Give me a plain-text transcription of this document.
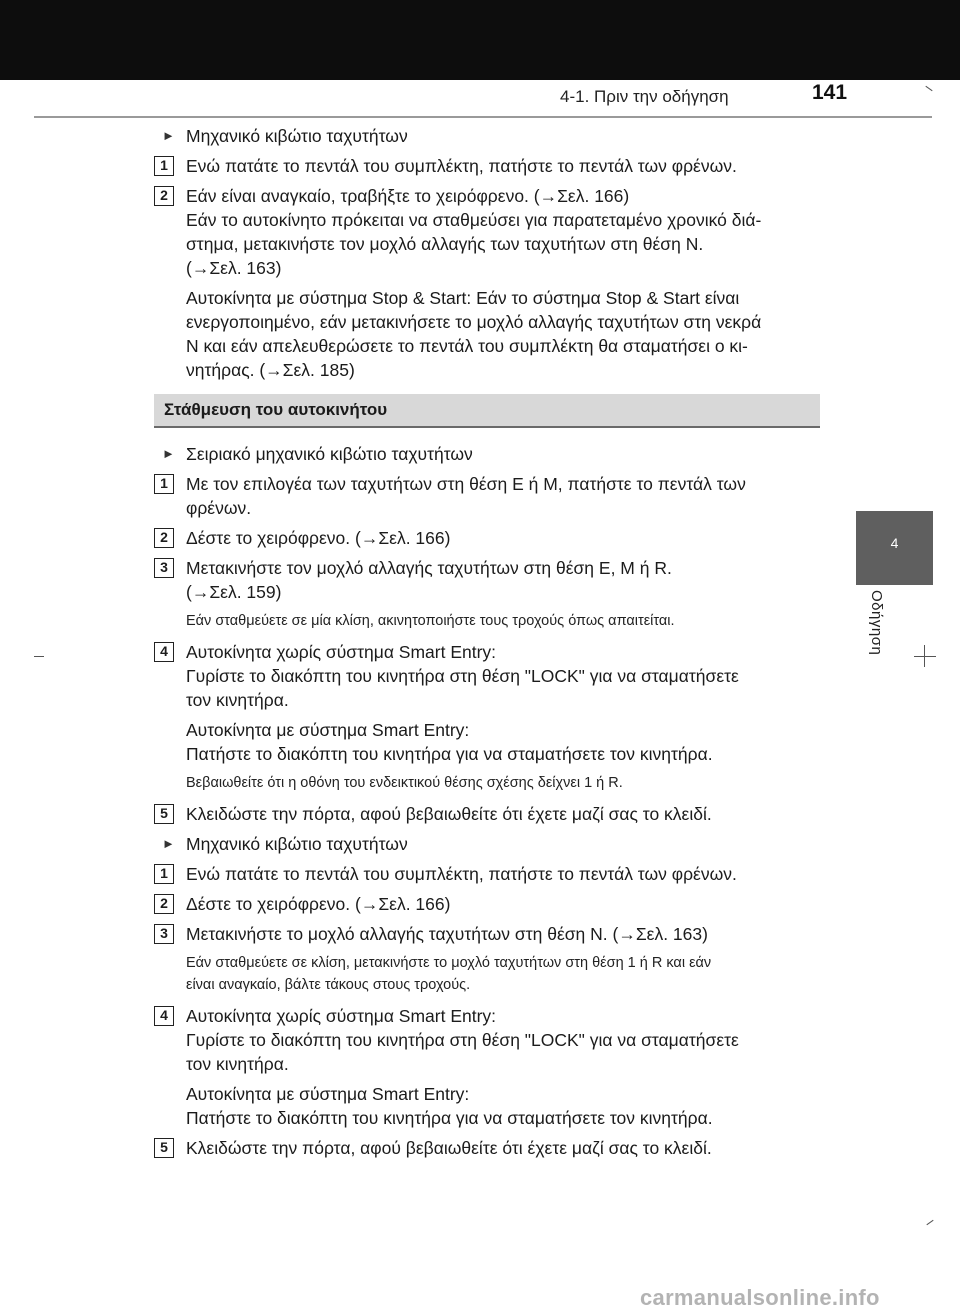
4-1. Πριν την οδήγηση	141
4
Οδήγηση
► Μηχανικό κιβώτιο ταχυτήτων
1	Ενώ πατάτε το πεντάλ του συμπλέκτη, πατήστε το πεντάλ των φρένων.
2	Εάν είναι αναγκαίο, τραβήξτε το χειρόφρενο. (→Σελ. 166)
Εάν το αυτοκίνητο πρόκειται να σταθμεύσει για παρατεταμένο χρονικό διά-
στημα, μετακινήστε τον μοχλό αλλαγής των ταχυτήτων στη θέση N.
(→Σελ. 163)
Αυτοκίνητα με σύστημα Stop & Start: Εάν το σύστημα Stop & Start είναι
ενεργοποιημένο, εάν μετακινήσετε το μοχλό αλλαγής ταχυτήτων στη νεκρά
N και εάν απελευθερώσετε το πεντάλ του συμπλέκτη θα σταματήσει ο κι-
νητήρας. (→Σελ. 185)
Στάθμευση του αυτοκινήτου
► Σειριακό μηχανικό κιβώτιο ταχυτήτων
1	Με τον επιλογέα των ταχυτήτων στη θέση E ή M, πατήστε το πεντάλ των
φρένων.
2	Δέστε το χειρόφρενο. (→Σελ. 166)
3	Μετακινήστε τον μοχλό αλλαγής ταχυτήτων στη θέση E, M ή R.
(→Σελ. 159)
Εάν σταθμεύετε σε μία κλίση, ακινητοποιήστε τους τροχούς όπως απαιτείται.
4	Αυτοκίνητα χωρίς σύστημα Smart Entry:
Γυρίστε το διακόπτη του κινητήρα στη θέση "LOCK" για να σταματήσετε
τον κινητήρα.
Αυτοκίνητα με σύστημα Smart Entry:
Πατήστε το διακόπτη του κινητήρα για να σταματήσετε τον κινητήρα.
Βεβαιωθείτε ότι η οθόνη του ενδεικτικού θέσης σχέσης δείχνει 1 ή R.
5	Κλειδώστε την πόρτα, αφού βεβαιωθείτε ότι έχετε μαζί σας το κλειδί.
► Μηχανικό κιβώτιο ταχυτήτων
1	Ενώ πατάτε το πεντάλ του συμπλέκτη, πατήστε το πεντάλ των φρένων.
2	Δέστε το χειρόφρενο. (→Σελ. 166)
3	Μετακινήστε το μοχλό αλλαγής ταχυτήτων στη θέση N. (→Σελ. 163)
Εάν σταθμεύετε σε κλίση, μετακινήστε το μοχλό ταχυτήτων στη θέση 1 ή R και εάν
είναι αναγκαίο, βάλτε τάκους στους τροχούς.
4	Αυτοκίνητα χωρίς σύστημα Smart Entry:
Γυρίστε το διακόπτη του κινητήρα στη θέση "LOCK" για να σταματήσετε
τον κινητήρα.
Αυτοκίνητα με σύστημα Smart Entry:
Πατήστε το διακόπτη του κινητήρα για να σταματήσετε τον κινητήρα.
5	Κλειδώστε την πόρτα, αφού βεβαιωθείτε ότι έχετε μαζί σας το κλειδί.
carmanualsonline.info
